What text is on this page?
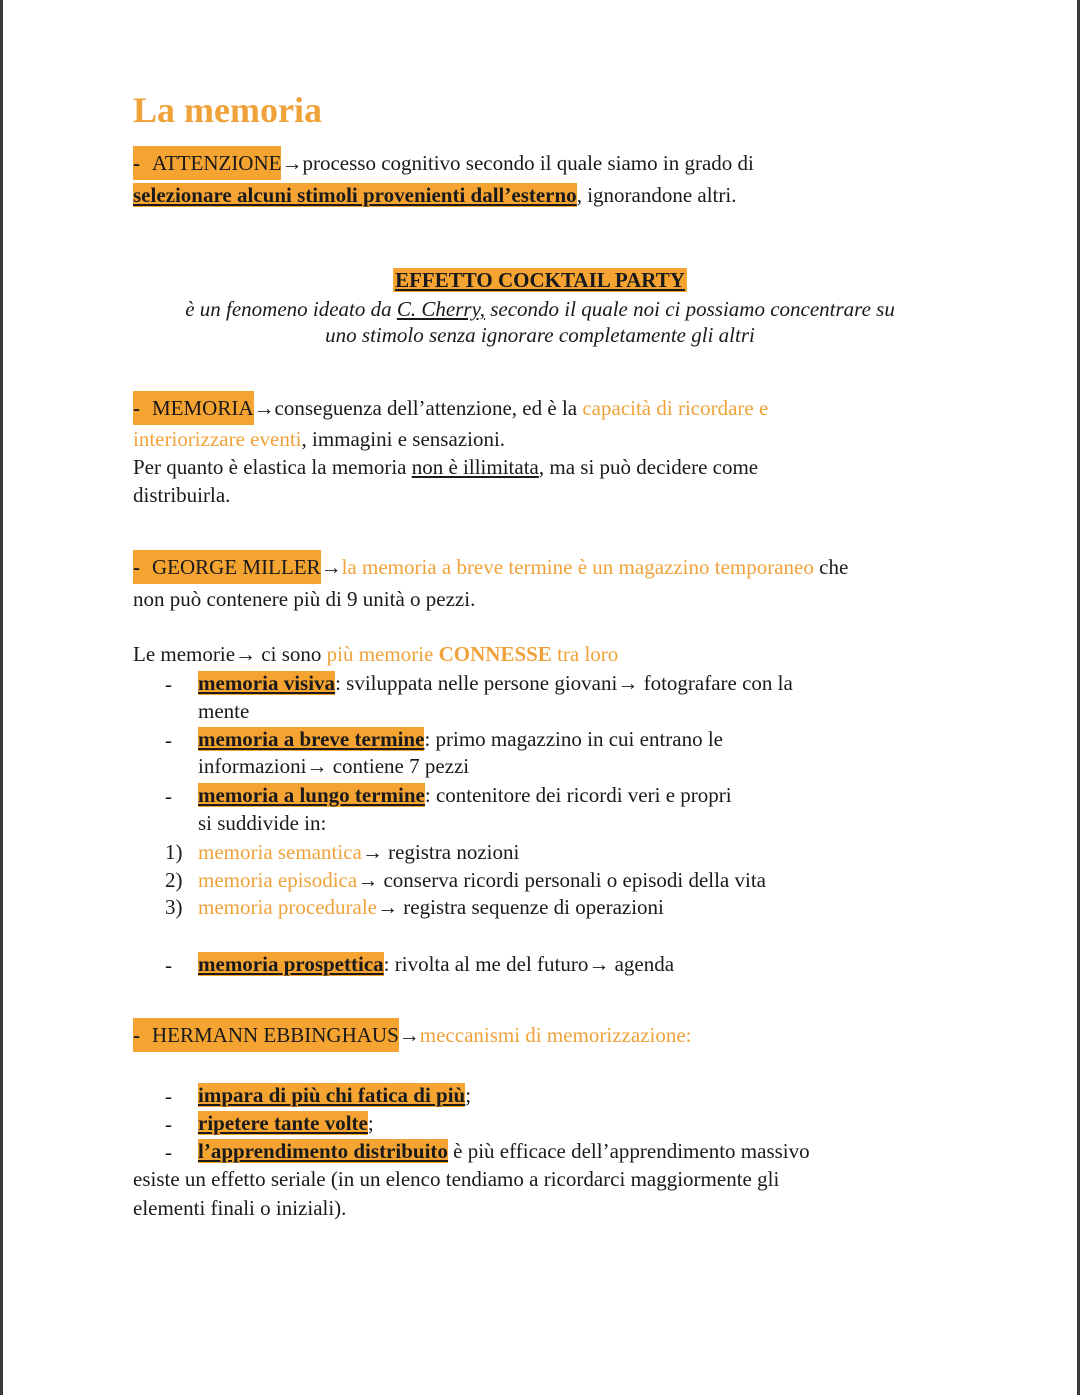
La memoria
- ATTENZIONE→processo cognitivo secondo il quale siamo in grado di
selezionare alcuni stimoli provenienti dall’esterno, ignorandone altri.
EFFETTO COCKTAIL PARTY
è un fenomeno ideato da C. Cherry, secondo il quale noi ci possiamo concentrare su
uno stimolo senza ignorare completamente gli altri
- MEMORIA→conseguenza dell’attenzione, ed è la capacità di ricordare e
interiorizzare eventi, immagini e sensazioni.
Per quanto è elastica la memoria non è illimitata, ma si può decidere come
distribuirla.
- GEORGE MILLER→la memoria a breve termine è un magazzino temporaneo che
non può contenere più di 9 unità o pezzi.
Le memorie→ ci sono più memorie CONNESSE tra loro
- memoria visiva: sviluppata nelle persone giovani→ fotografare con la
mente
- memoria a breve termine: primo magazzino in cui entrano le
informazioni→ contiene 7 pezzi
- memoria a lungo termine: contenitore dei ricordi veri e propri
si suddivide in:
1) memoria semantica→ registra nozioni
2) memoria episodica→ conserva ricordi personali o episodi della vita
3) memoria procedurale→ registra sequenze di operazioni
- memoria prospettica: rivolta al me del futuro→ agenda
- HERMANN EBBINGHAUS→meccanismi di memorizzazione:
- impara di più chi fatica di più;
- ripetere tante volte;
- l’apprendimento distribuito è più efficace dell’apprendimento massivo
esiste un effetto seriale (in un elenco tendiamo a ricordarci maggiormente gli
elementi finali o iniziali).
